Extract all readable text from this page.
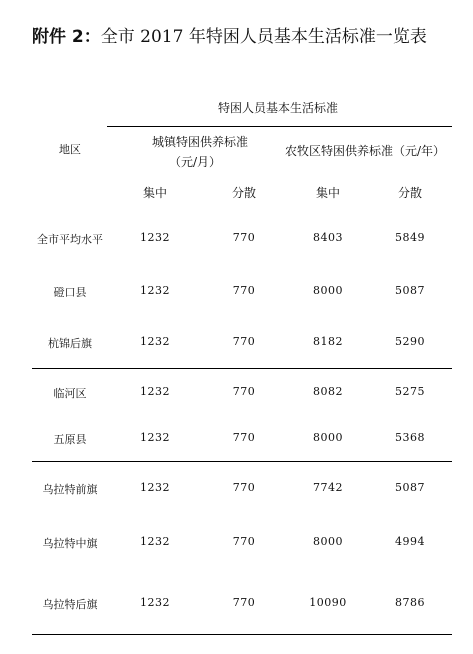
附件 2：全市 2017 年特困人员基本生活标准一览表
特困人员基本生活标准
地区
城镇特困供养标准
（元/月）
农牧区特困供养标准（元/年）
集中	分散	集中	分散
全市平均水平	1232	770	8403	5849
磴口县	1232	770	8000	5087
杭锦后旗	1232	770	8182	5290
临河区	1232	770	8082	5275
五原县	1232	770	8000	5368
乌拉特前旗	1232	770	7742	5087
乌拉特中旗	1232	770	8000	4994
乌拉特后旗	1232	770	10090	8786
